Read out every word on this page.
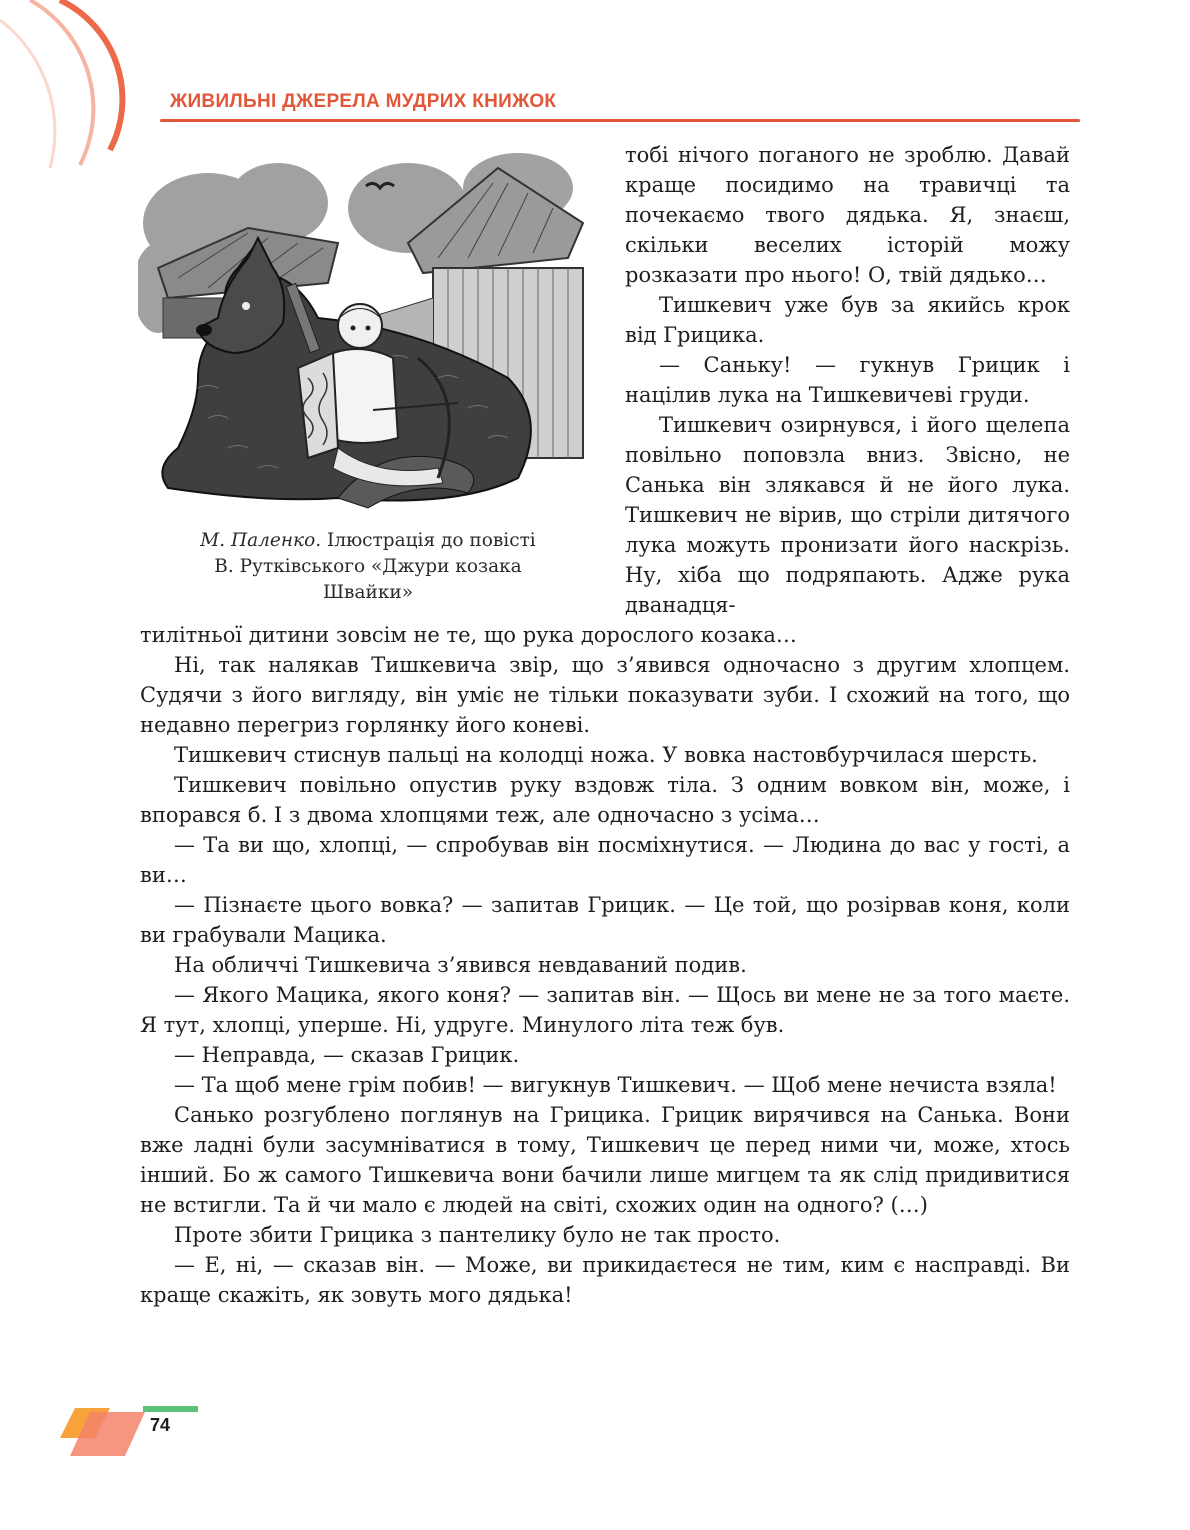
ЖИВИЛЬНІ ДЖЕРЕЛА МУДРИХ КНИЖОК
М. Паленко. Ілюстрація до повісті
В. Рутківського «Джури козака
Швайки»

тобі нічого поганого не зроблю. Давай краще посидимо на травичці та почекаємо твого дядька. Я, знаєш, скільки веселих історій можу розказати про нього! О, твій дядько…

Тишкевич уже був за якийсь крок від Грицика.

— Саньку! — гукнув Грицик і націлив лука на Тишкевичеві груди.

Тишкевич озирнувся, і його щелепа повільно поповзла вниз. Звісно, не Санька він злякався й не його лука. Тишкевич не вірив, що стріли дитячого лука можуть пронизати його наскрізь. Ну, хіба що подряпають. Адже рука дванадця-

тилітньої дитини зовсім не те, що рука дорослого козака…

Ні, так налякав Тишкевича звір, що з’явився одночасно з другим хлопцем. Судячи з його вигляду, він уміє не тільки показувати зуби. І схожий на того, що недавно перегриз горлянку його коневі.

Тишкевич стиснув пальці на колодці ножа. У вовка настовбурчилася шерсть.

Тишкевич повільно опустив руку вздовж тіла. З одним вовком він, може, і впорався б. І з двома хлопцями теж, але одночасно з усіма…

— Та ви що, хлопці, — спробував він посміхнутися. — Людина до вас у гості, а ви…

— Пізнаєте цього вовка? — запитав Грицик. — Це той, що розірвав коня, коли ви грабували Мацика.

На обличчі Тишкевича з’явився невдаваний подив.

— Якого Мацика, якого коня? — запитав він. — Щось ви мене не за того маєте. Я тут, хлопці, уперше. Ні, удруге. Минулого літа теж був.

— Неправда, — сказав Грицик.

— Та щоб мене грім побив! — вигукнув Тишкевич. — Щоб мене нечиста взяла!

Санько розгублено поглянув на Грицика. Грицик вирячився на Санька. Вони вже ладні були засумніватися в тому, Тишкевич це перед ними чи, може, хтось інший. Бо ж самого Тишкевича вони бачили лише мигцем та як слід придивитися не встигли. Та й чи мало є людей на світі, схожих один на одного? (…)

Проте збити Грицика з пантелику було не так просто.

— Е, ні, — сказав він. — Може, ви прикидаєтеся не тим, ким є насправді. Ви краще скажіть, як зовуть мого дядька!

74
